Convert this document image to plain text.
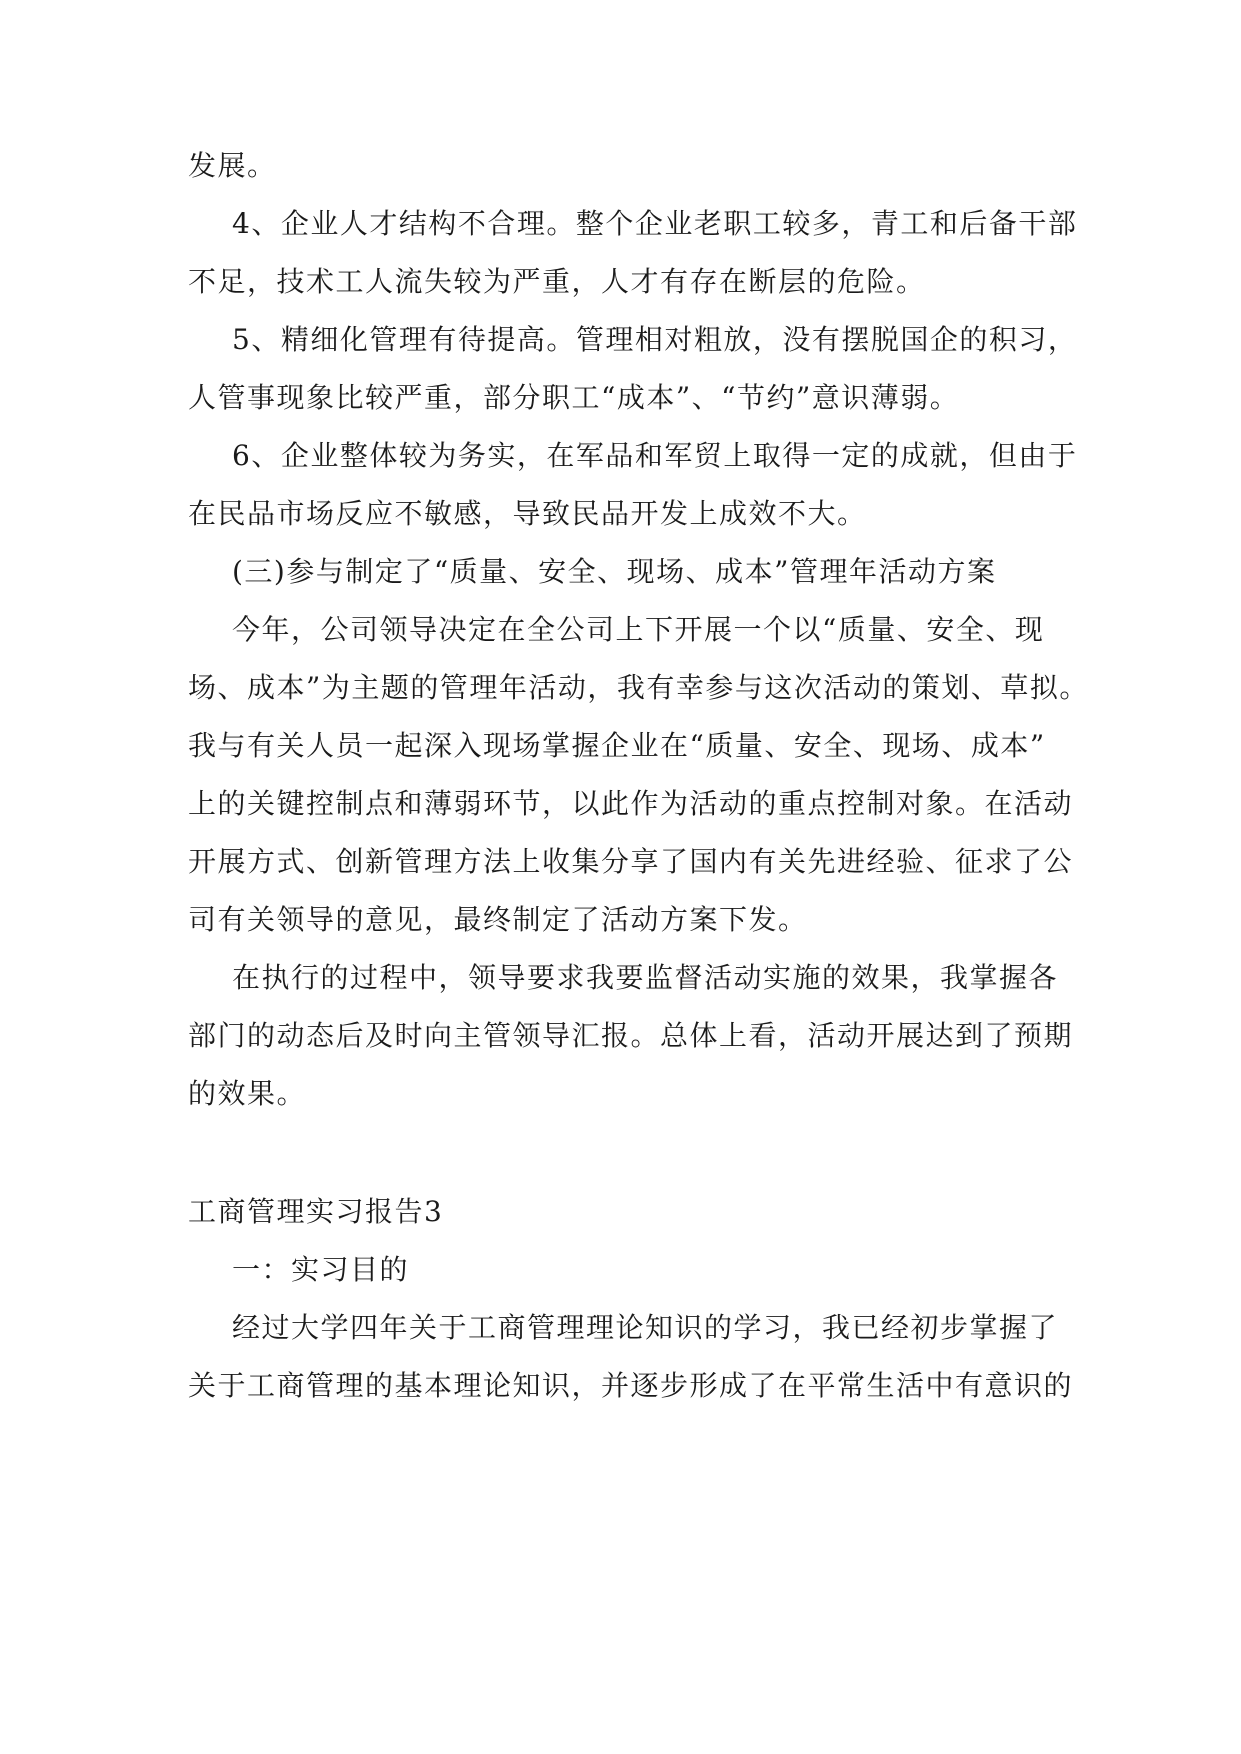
发展。
4、企业人才结构不合理。整个企业老职工较多，青工和后备干部
不足，技术工人流失较为严重，人才有存在断层的危险。
5、精细化管理有待提高。管理相对粗放，没有摆脱国企的积习，
人管事现象比较严重，部分职工“成本”、“节约”意识薄弱。
6、企业整体较为务实，在军品和军贸上取得一定的成就，但由于
在民品市场反应不敏感，导致民品开发上成效不大。
(三)参与制定了“质量、安全、现场、成本”管理年活动方案
今年，公司领导决定在全公司上下开展一个以“质量、安全、现
场、成本”为主题的管理年活动，我有幸参与这次活动的策划、草拟。
我与有关人员一起深入现场掌握企业在“质量、安全、现场、成本”
上的关键控制点和薄弱环节，以此作为活动的重点控制对象。在活动
开展方式、创新管理方法上收集分享了国内有关先进经验、征求了公
司有关领导的意见，最终制定了活动方案下发。
在执行的过程中，领导要求我要监督活动实施的效果，我掌握各
部门的动态后及时向主管领导汇报。总体上看，活动开展达到了预期
的效果。
工商管理实习报告3
一：实习目的
经过大学四年关于工商管理理论知识的学习，我已经初步掌握了
关于工商管理的基本理论知识，并逐步形成了在平常生活中有意识的
